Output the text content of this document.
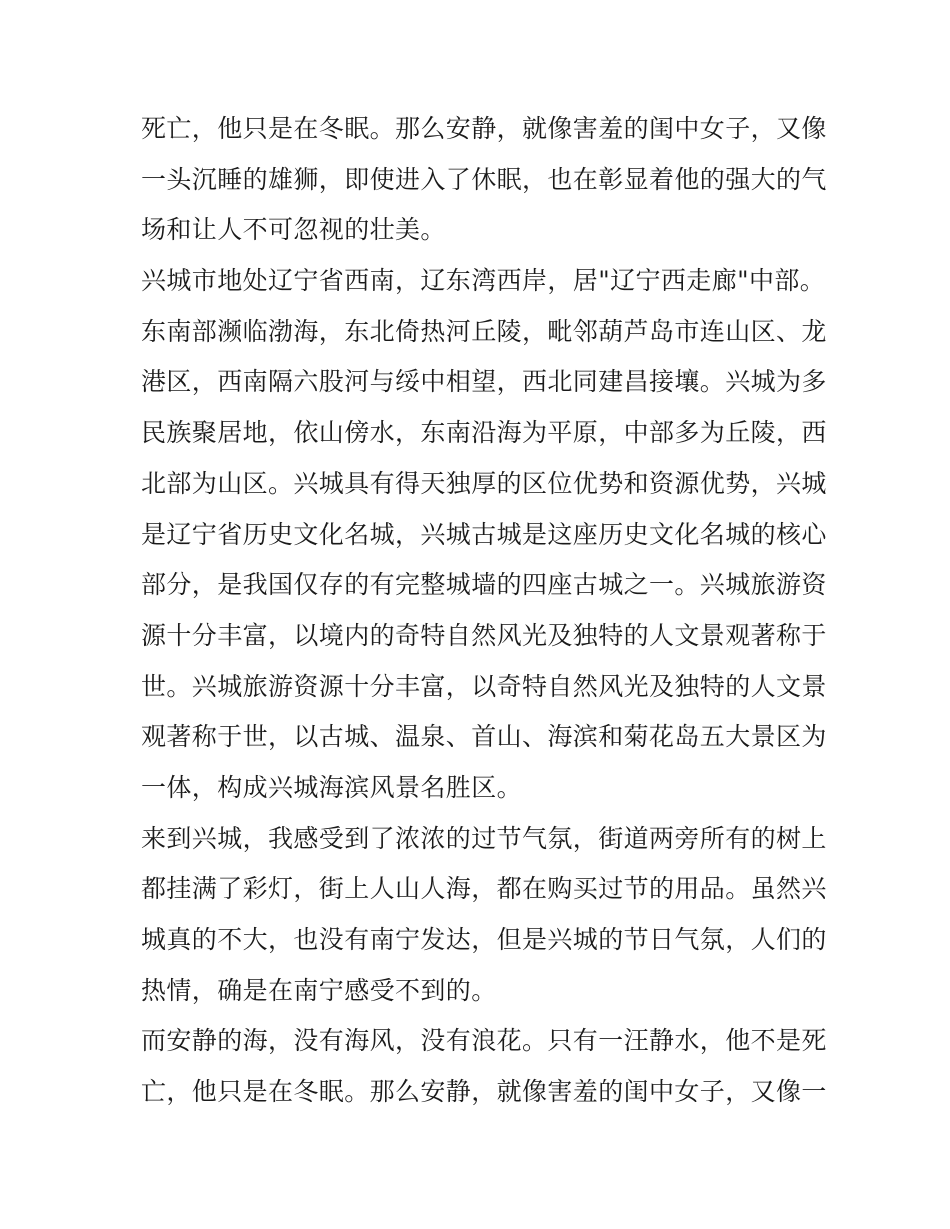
死亡，他只是在冬眠。那么安静，就像害羞的闺中女子，又像
一头沉睡的雄狮，即使进入了休眠，也在彰显着他的强大的气
场和让人不可忽视的壮美。
兴城市地处辽宁省西南，辽东湾西岸，居"辽宁西走廊"中部。
东南部濒临渤海，东北倚热河丘陵，毗邻葫芦岛市连山区、龙
港区，西南隔六股河与绥中相望，西北同建昌接壤。兴城为多
民族聚居地，依山傍水，东南沿海为平原，中部多为丘陵，西
北部为山区。兴城具有得天独厚的区位优势和资源优势，兴城
是辽宁省历史文化名城，兴城古城是这座历史文化名城的核心
部分，是我国仅存的有完整城墙的四座古城之一。兴城旅游资
源十分丰富，以境内的奇特自然风光及独特的人文景观著称于
世。兴城旅游资源十分丰富，以奇特自然风光及独特的人文景
观著称于世，以古城、温泉、首山、海滨和菊花岛五大景区为
一体，构成兴城海滨风景名胜区。
来到兴城，我感受到了浓浓的过节气氛，街道两旁所有的树上
都挂满了彩灯，街上人山人海，都在购买过节的用品。虽然兴
城真的不大，也没有南宁发达，但是兴城的节日气氛，人们的
热情，确是在南宁感受不到的。
而安静的海，没有海风，没有浪花。只有一汪静水，他不是死
亡，他只是在冬眠。那么安静，就像害羞的闺中女子，又像一
